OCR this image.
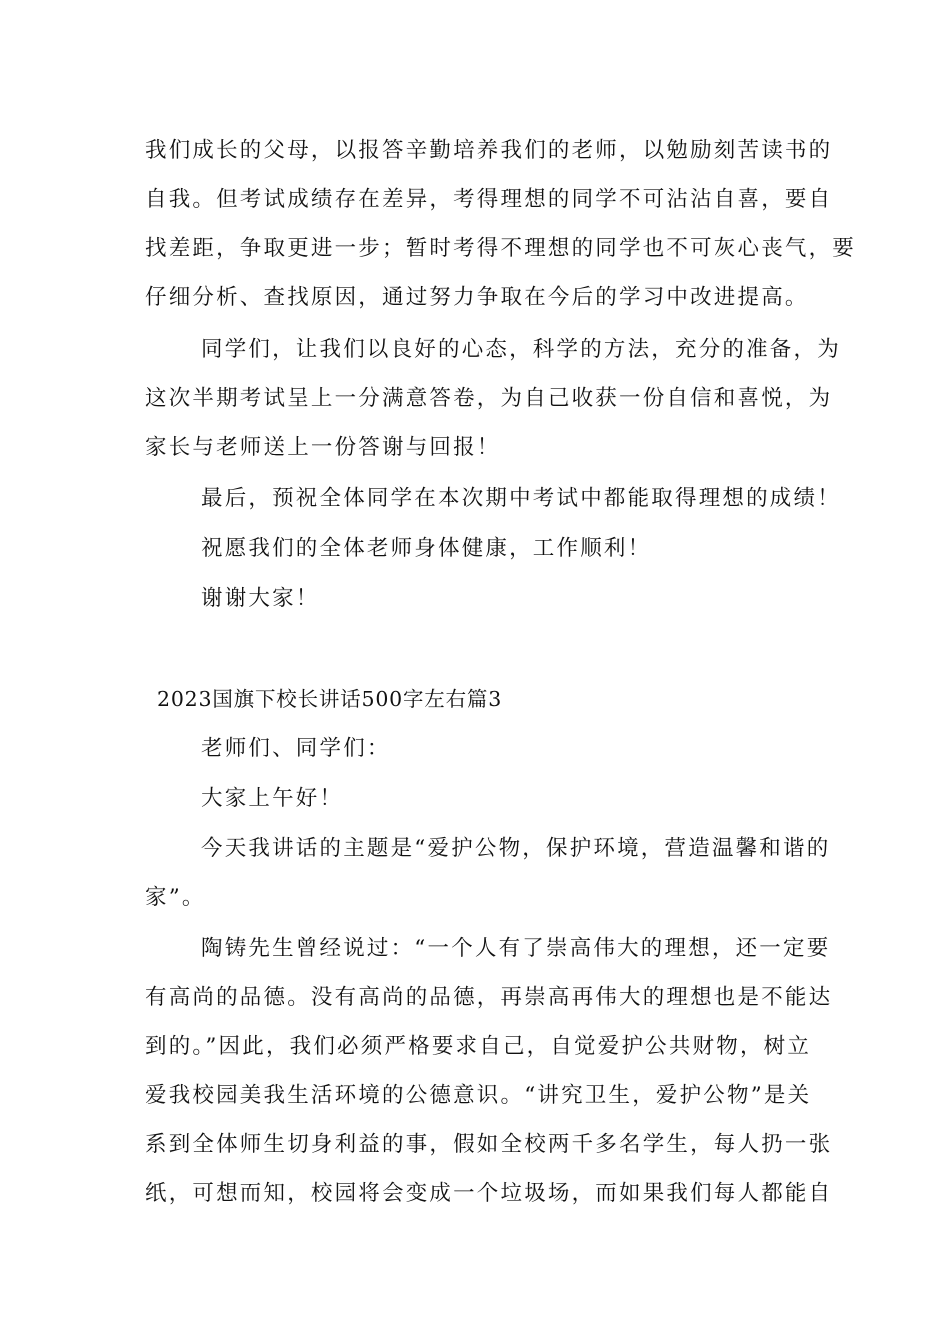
我们成长的父母，以报答辛勤培养我们的老师，以勉励刻苦读书的

自我。但考试成绩存在差异，考得理想的同学不可沾沾自喜，要自

找差距，争取更进一步；暂时考得不理想的同学也不可灰心丧气，要

仔细分析、查找原因，通过努力争取在今后的学习中改进提高。

同学们，让我们以良好的心态，科学的方法，充分的准备，为

这次半期考试呈上一分满意答卷，为自己收获一份自信和喜悦，为

家长与老师送上一份答谢与回报！

最后，预祝全体同学在本次期中考试中都能取得理想的成绩！

祝愿我们的全体老师身体健康，工作顺利！

谢谢大家！

2023国旗下校长讲话500字左右篇3

老师们、同学们：

大家上午好！

今天我讲话的主题是“爱护公物，保护环境，营造温馨和谐的

家”。

陶铸先生曾经说过：“一个人有了崇高伟大的理想，还一定要

有高尚的品德。没有高尚的品德，再崇高再伟大的理想也是不能达

到的。”因此，我们必须严格要求自己，自觉爱护公共财物，树立

爱我校园美我生活环境的公德意识。“讲究卫生，爱护公物”是关

系到全体师生切身利益的事，假如全校两千多名学生，每人扔一张

纸，可想而知，校园将会变成一个垃圾场，而如果我们每人都能自
